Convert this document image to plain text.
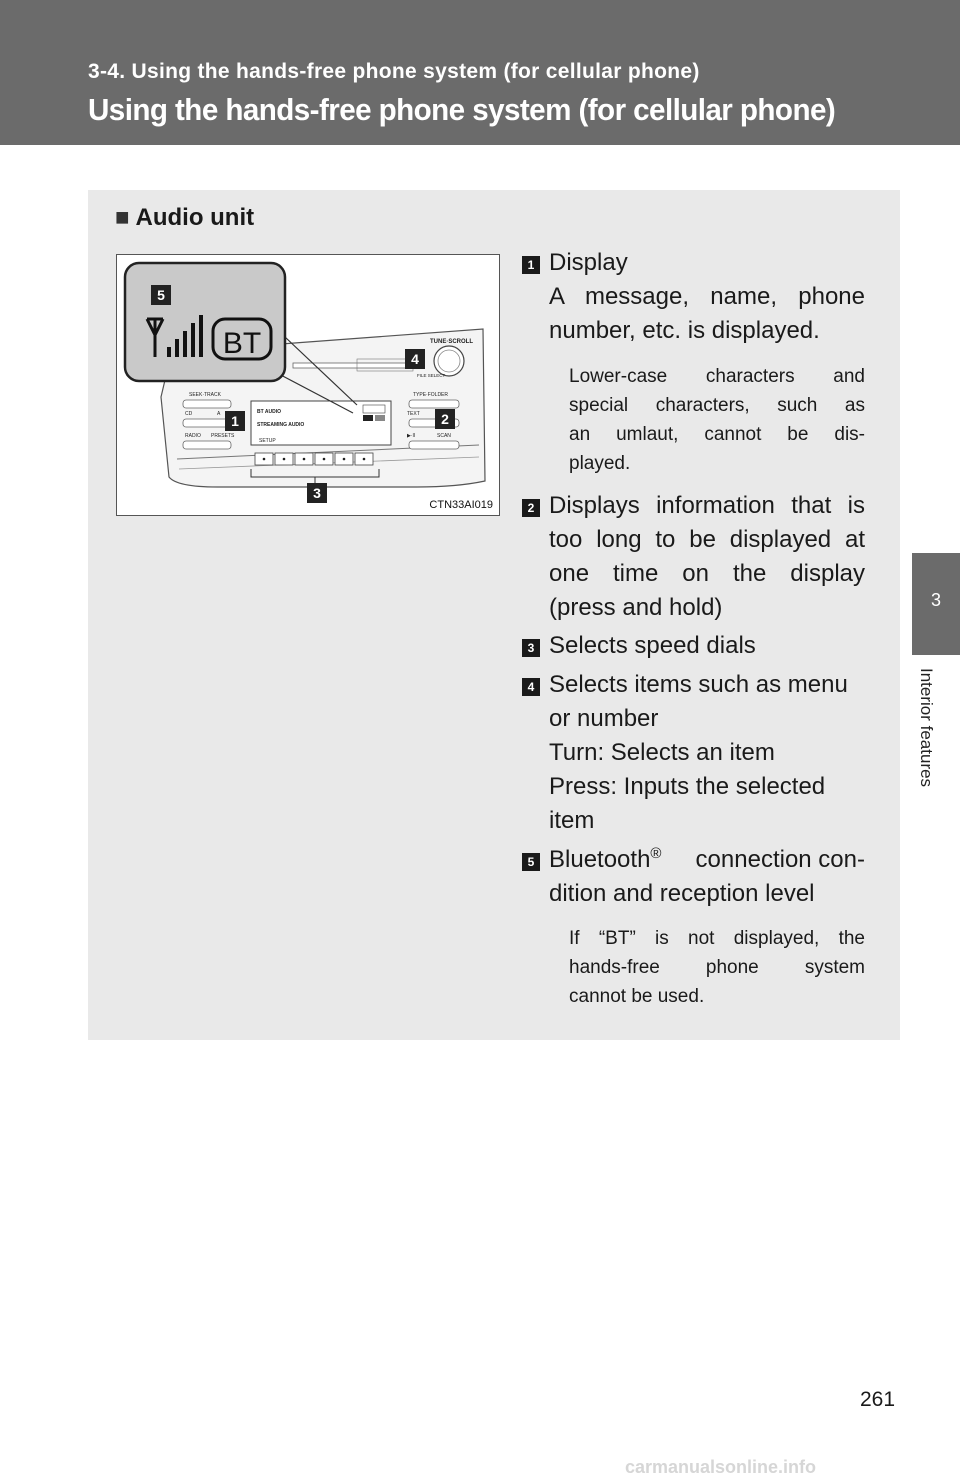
3-4. Using the hands-free phone system (for cellular phone)
Using the hands-free phone system (for cellular phone)
3
Interior features
■ Audio unit
TUNE·SCROLL
FILE SELECT
SEEK·TRACK
CD	A
RADIO PRESETS
BT AUDIO
STREAMING AUDIO
SETUP
TYPE·FOLDER
TEXT
▶·II	SCAN
BT
5
4
1	2
3
CTN33AI019
1 Display
A message, name, phone
number, etc. is displayed.
Lower-case characters and
special characters, such as
an umlaut, cannot be dis-
played.
2 Displays information that is
too long to be displayed at
one time on the display
(press and hold)
3 Selects speed dials
4 Selects items such as menu
or number
Turn: Selects an item
Press: Inputs the selected
item
5 Bluetooth® connection con-
dition and reception level
If “BT” is not displayed, the
hands-free phone system
cannot be used.
261
carmanualsonline.info
